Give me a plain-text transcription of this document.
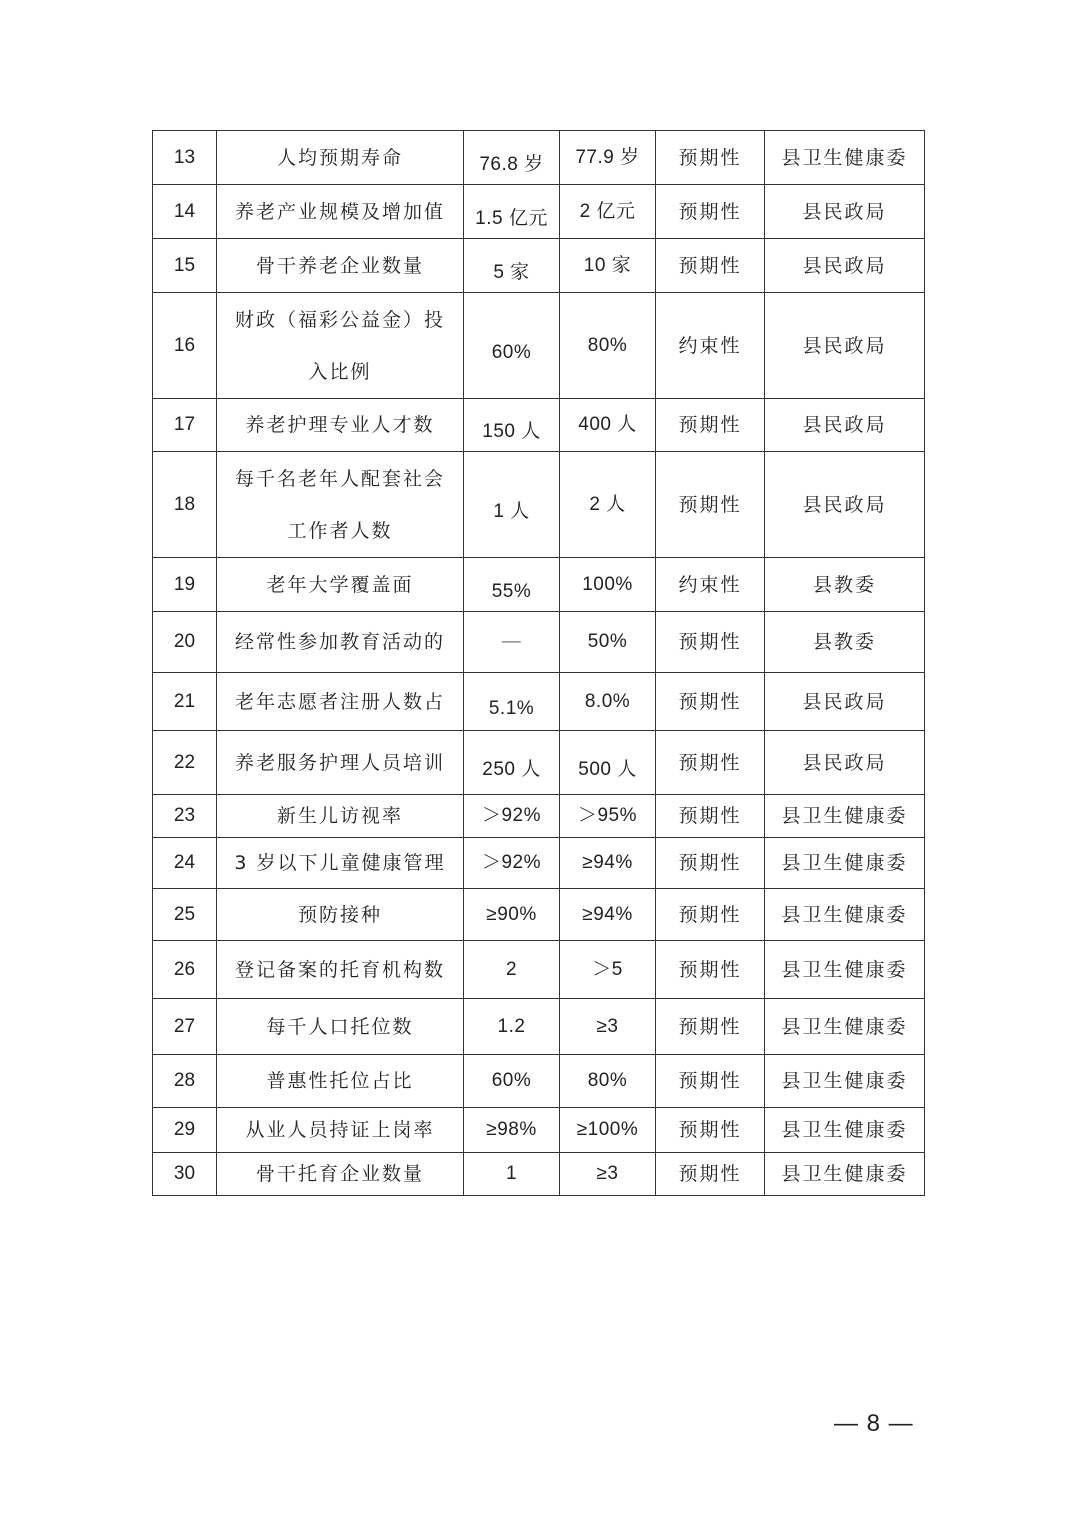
13	人均预期寿命	76.8 岁	77.9 岁	预期性	县卫生健康委
14	养老产业规模及增加值	1.5 亿元	2 亿元	预期性	县民政局
15	骨干养老企业数量	5 家	10 家	预期性	县民政局
16	财政（福彩公益金）投入比例	60%	80%	约束性	县民政局
17	养老护理专业人才数	150 人	400 人	预期性	县民政局
18	每千名老年人配套社会工作者人数	1 人	2 人	预期性	县民政局
19	老年大学覆盖面	55%	100%	约束性	县教委
20	经常性参加教育活动的	—	50%	预期性	县教委
21	老年志愿者注册人数占	5.1%	8.0%	预期性	县民政局
22	养老服务护理人员培训	250 人	500 人	预期性	县民政局
23	新生儿访视率	＞92%	＞95%	预期性	县卫生健康委
24	3 岁以下儿童健康管理	＞92%	≥94%	预期性	县卫生健康委
25	预防接种	≥90%	≥94%	预期性	县卫生健康委
26	登记备案的托育机构数	2	＞5	预期性	县卫生健康委
27	每千人口托位数	1.2	≥3	预期性	县卫生健康委
28	普惠性托位占比	60%	80%	预期性	县卫生健康委
29	从业人员持证上岗率	≥98%	≥100%	预期性	县卫生健康委
30	骨干托育企业数量	1	≥3	预期性	县卫生健康委
— 8 —
